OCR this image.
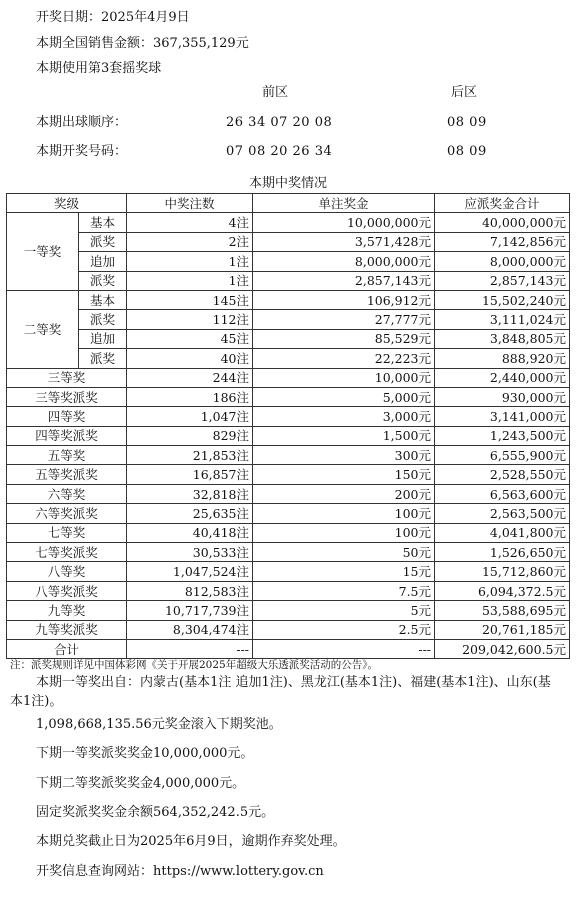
开奖日期：2025年4月9日
本期全国销售金额：367,355,129元
本期使用第3套摇奖球
前区	后区
本期出球顺序：	26 34 07 20 08	08 09
本期开奖号码：	07 08 20 26 34	08 09
本期中奖情况
奖级		中奖注数	单注奖金	应派奖金合计
一等奖	基本	4注	10,000,000元	40,000,000元
	派奖	2注	3,571,428元	7,142,856元
	追加	1注	8,000,000元	8,000,000元
	派奖	1注	2,857,143元	2,857,143元
二等奖	基本	145注	106,912元	15,502,240元
	派奖	112注	27,777元	3,111,024元
	追加	45注	85,529元	3,848,805元
	派奖	40注	22,223元	888,920元
三等奖		244注	10,000元	2,440,000元
三等奖派奖		186注	5,000元	930,000元
四等奖		1,047注	3,000元	3,141,000元
四等奖派奖		829注	1,500元	1,243,500元
五等奖		21,853注	300元	6,555,900元
五等奖派奖		16,857注	150元	2,528,550元
六等奖		32,818注	200元	6,563,600元
六等奖派奖		25,635注	100元	2,563,500元
七等奖		40,418注	100元	4,041,800元
七等奖派奖		30,533注	50元	1,526,650元
八等奖		1,047,524注	15元	15,712,860元
八等奖派奖		812,583注	7.5元	6,094,372.5元
九等奖		10,717,739注	5元	53,588,695元
九等奖派奖		8,304,474注	2.5元	20,761,185元
合计		---	---	209,042,600.5元
注：派奖规则详见中国体彩网《关于开展2025年超级大乐透派奖活动的公告》。
本期一等奖出自：内蒙古(基本1注 追加1注)、黑龙江(基本1注)、福建(基本1注)、山东(基本1注)。
1,098,668,135.56元奖金滚入下期奖池。
下期一等奖派奖奖金10,000,000元。
下期二等奖派奖奖金4,000,000元。
固定奖派奖奖金余额564,352,242.5元。
本期兑奖截止日为2025年6月9日，逾期作弃奖处理。
开奖信息查询网站：https://www.lottery.gov.cn
